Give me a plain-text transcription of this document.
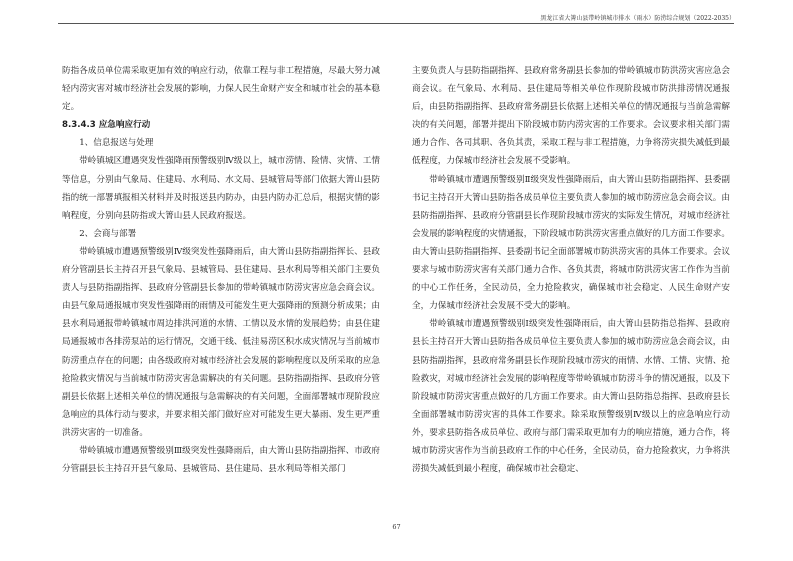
黑龙江省大箐山县带岭镇城市排水（雨水）防涝综合规划（2022-2035）

防指各成员单位需采取更加有效的响应行动，依靠工程与非工程措施，尽最大努力减轻内涝灾害对城市经济社会发展的影响，力保人民生命财产安全和城市社会的基本稳定。

8.3.4.3 应急响应行动

1、信息报送与处理

带岭镇城区遭遇突发性强降雨预警级别Ⅳ级以上，城市涝情、险情、灾情、工情等信息，分别由气象局、住建局、水利局、水文局、县城管局等部门依据大箐山县防指的统一部署填报相关材料并及时报送县内防办，由县内防办汇总后，根据灾情的影响程度，分别向县防指或大箐山县人民政府报送。

2、会商与部署

带岭镇城市遭遇预警级别Ⅳ级突发性强降雨后，由大箐山县防指副指挥长、县政府分管副县长主持召开县气象局、县城管局、县住建局、县水利局等相关部门主要负责人与县防指副指挥、县政府分管副县长参加的带岭镇城市防涝灾害应急会商会议。由县气象局通报城市突发性强降雨的雨情及可能发生更大强降雨的预测分析成果；由县水利局通报带岭镇城市周边排洪河道的水情、工情以及水情的发展趋势；由县住建局通报城市各排涝泵站的运行情况，交通干线、低洼易涝区积水成灾情况与当前城市防涝重点存在的问题；由各级政府对城市经济社会发展的影响程度以及所采取的应急抢险救灾情况与当前城市防涝灾害急需解决的有关问题。县防指副指挥、县政府分管副县长依据上述相关单位的情况通报与急需解决的有关问题，全面部署城市现阶段应急响应的具体行动与要求，并要求相关部门做好应对可能发生更大暴雨、发生更严重洪涝灾害的一切准备。

带岭镇城市遭遇预警级别Ⅲ级突发性强降雨后，由大箐山县防指副指挥、市政府分管副县长主持召开县气象局、县城管局、县住建局、县水利局等相关部门

主要负责人与县防指副指挥、县政府常务副县长参加的带岭镇城市防洪涝灾害应急会商会议。在气象局、水利局、县住建局等相关单位作现阶段城市防洪排涝情况通报后，由县防指副指挥、县政府常务副县长依据上述相关单位的情况通报与当前急需解决的有关问题，部署并提出下阶段城市防内涝灾害的工作要求。会议要求相关部门需通力合作、各司其职、各负其责，采取工程与非工程措施，力争将涝灾损失减低到最低程度，力保城市经济社会发展不受影响。

带岭镇城市遭遇预警级别Ⅱ级突发性强降雨后，由大箐山县防指副指挥、县委副书记主持召开大箐山县防指各成员单位主要负责人参加的城市防涝应急会商会议。由县防指副指挥、县政府分管副县长作现阶段城市涝灾的实际发生情况，对城市经济社会发展的影响程度的灾情通报，下阶段城市防洪涝灾害重点做好的几方面工作要求。由大箐山县防指副指挥、县委副书记全面部署城市防洪涝灾害的具体工作要求。会议要求与城市防涝灾害有关部门通力合作、各负其责，将城市防洪涝灾害工作作为当前的中心工作任务，全民动员，全力抢险救灾，确保城市社会稳定、人民生命财产安全，力保城市经济社会发展不受大的影响。

带岭镇城市遭遇预警级别Ⅰ级突发性强降雨后，由大箐山县防指总指挥、县政府县长主持召开大箐山县防指各成员单位主要负责人参加的城市防涝应急会商会议，由县防指副指挥，县政府常务副县长作现阶段城市涝灾的雨情、水情、工情、灾情、抢险救灾，对城市经济社会发展的影响程度等带岭镇城市防涝斗争的情况通报，以及下阶段城市防涝灾害重点做好的几方面工作要求。由大箐山县防指总指挥、县政府县长全面部署城市防涝灾害的具体工作要求。除采取预警级别Ⅳ级以上的应急响应行动外，要求县防指各成员单位、政府与部门需采取更加有力的响应措施，通力合作，将城市防涝灾害作为当前县政府工作的中心任务，全民动员，奋力抢险救灾，力争将洪涝损失减低到最小程度，确保城市社会稳定、

67
